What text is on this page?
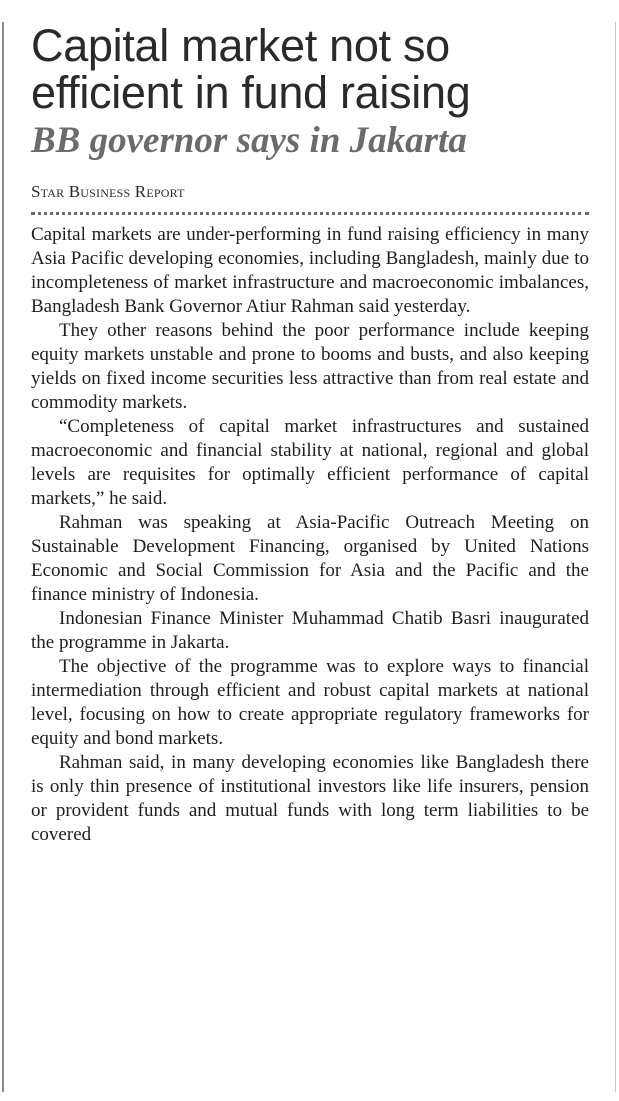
Capital market not so efficient in fund raising
BB governor says in Jakarta
Star Business Report

Capital markets are under-performing in fund raising efficiency in many Asia Pacific developing economies, including Bangladesh, mainly due to incompleteness of market infrastructure and macroeconomic imbalances, Bangladesh Bank Governor Atiur Rahman said yesterday.

They other reasons behind the poor performance include keeping equity markets unstable and prone to booms and busts, and also keeping yields on fixed income securities less attractive than from real estate and commodity markets.

“Completeness of capital market infrastructures and sustained macroeconomic and financial stability at national, regional and global levels are requisites for optimally efficient performance of capital markets,” he said.

Rahman was speaking at Asia-Pacific Outreach Meeting on Sustainable Development Financing, organised by United Nations Economic and Social Commission for Asia and the Pacific and the finance ministry of Indonesia.

Indonesian Finance Minister Muhammad Chatib Basri inaugurated the programme in Jakarta.

The objective of the programme was to explore ways to financial intermediation through efficient and robust capital markets at national level, focusing on how to create appropriate regulatory frameworks for equity and bond markets.

Rahman said, in many developing economies like Bangladesh there is only thin presence of institutional investors like life insurers, pension or provident funds and mutual funds with long term liabilities to be covered
